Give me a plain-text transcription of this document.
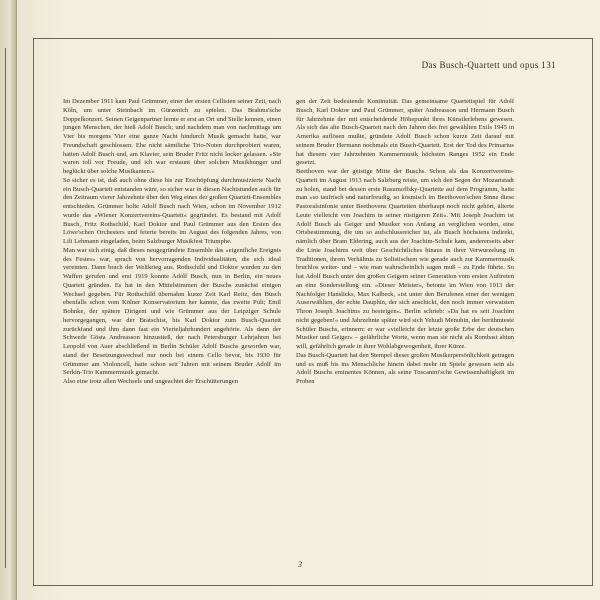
Das Busch-Quartett und opus 131

Im Dezember 1911 kam Paul Grümmer, einer der ersten Cellisten seiner Zeit, nach Köln, um unter Steinbach im Gürzenich zu spielen. Das Brahms'sche Doppelkonzert. Seinen Geigenpartner lernte er erst an Ort und Stelle kennen, einen jungen Menschen, der hieß Adolf Busch; und nachdem man von nachmittags um Vier bis morgens Vier eine ganze Nacht hindurch Musik gemacht hatte, war Freundschaft geschlossen. Ehe nicht sämtliche Trio-Noten durchprobiert waren, hatten Adolf Busch und, am Klavier, sein Bruder Fritz nicht locker gelassen. »Sie waren toll vor Freude, und ich war erstaunt über solchen Musikhunger und beglückt über solche Musikanten.«

So sicher es ist, daß auch ohne diese bis zur Erschöpfung durchmusizierte Nacht ein Busch-Quartett entstanden wäre, so sicher war in diesen Nachtstunden auch für den Zeitraum vierer Jahrzehnte über den Weg eines der großen Quartett-Ensembles entschieden. Grümmer holte Adolf Busch nach Wien, schon im November 1912 wurde das »Wiener Konzertvereins-Quartett« gegründet. Es bestand mit Adolf Busch, Fritz Rothschild, Karl Doktor und Paul Grümmer aus den Ersten des Löwe'schen Orchesters und feierte bereits im August des folgenden Jahres, von Lili Lehmann eingeladen, beim Salzburger Musikfest Triumphe.

Man war sich einig, daß dieses neugegründete Ensemble das »eigentliche Ereignis des Festes« war, sprach von hervorragenden Individualitäten, die sich ideal vereinten. Dann brach der Weltkrieg aus. Rothschild und Doktor wurden zu den Waffen gerufen und erst 1919 konnte Adolf Busch, nun in Berlin, ein neues Quartett gründen. Es hat in den Mittelstimmen der Buschs zunächst einigen Wechsel gegeben. Für Rothschild übernahm kurze Zeit Karl Reitz, den Busch ebenfalls schon vom Kölner Konservatorium her kannte, das zweite Pult; Emil Bohnke, der spätere Dirigent und wie Grümmer aus der Leipziger Schule hervorgegangen, war der Bratschist, bis Karl Doktor zum Busch-Quartett zurückfand und ihm dann fast ein Vierteljahrhundert angehörte. Als dann der Schwede Gösta Andreasson hinzustieß, der nach Petersburger Lehrjahren bei Leopold von Auer abschließend in Berlin Schüler Adolf Buschs geworden war, stand der Besetzungswechsel nur noch bei einem Cello bevor, bis 1930 für Grümmer am Violoncell, hatte schon seit Jahren mit seinem Bruder Adolf im Serkin-Trio Kammermusik gemacht.

Also eine trotz allen Wechsels und ungeachtet der Erschütterungen

gen der Zeit bedeutende Kontinuität. Das gemeinsame Quartettspiel für Adolf Busch, Karl Doktor und Paul Grümmer, später Andreasson und Hermann Busch für Jahrzehnte der mit entscheidende Höhepunkt ihres Künstlerlebens gewesen. Als sich das alte Busch-Quartett nach den Jahren des frei gewählten Exils 1945 in Amerika auflösen mußte, gründete Adolf Busch schon kurze Zeit darauf mit seinem Bruder Hermann nochmals ein Busch-Quartett. Erst der Tod des Primarius hat diesem vier Jahrzehnten Kammermusik höchsten Ranges 1952 ein Ende gesetzt.

Beethoven war der geistige Mitte der Buschs. Schon als das Konzertvereins-Quartett im August 1913 nach Salzburg reiste, um sich den Segen der Mozartstadt zu holen, stand bei dessen erste Rasumoffsky-Quartette auf dem Programm, hatte man »so taufrisch und naturfreudig, so kosmisch im Beethoven'schen Sinne diese Pastoralsinfonie unter Beethovens Quartetten überhaupt noch nicht gehört, älterte Leute vielleicht von Joachim in seiner rüstigeren Zeit«. Mit Joseph Joachim ist Adolf Busch als Geiger und Musiker von Anfang an verglichen worden, eine Ortsbestimmung, die um so aufschlussreicher ist, als Busch höchstens indirekt, nämlich über Bram Eldering, auch aus der Joachim-Schule kam, andererseits aber die Linie Joachims weit über Geschichtliches hinaus in ihrer Verwurzelung in Traditionen, ihrem Verhältnis zu Solistischem wie gerade auch zur Kammermusik bruchlos weiter- und – wie man wahrscheinlich sagen muß – zu Ende führte. So hat Adolf Busch unter den großen Geigern seiner Generation vom ersten Auftreten an eine Sonderstellung ein. »Dieser Meister«, betonte im Wien von 1913 der Nachfolger Hanslicks, Max Kalbeck, »ist unter den Berufenen einer der wenigen Auserwählten, der echte Dauphin, der sich anschickt, den noch immer verwaisten Thron Joseph Joachims zu besteigen«. Berlin schrieb: »Da hat es seit Joachim nicht gegeben!« und Jahrzehnte später wird sich Yehudi Menuhin, der berühmteste Schüler Buschs, erinnern: er war »vielleicht der letzte große Erbe der deutschen Musiker und Geiger« – gefährliche Worte, wenn man sie nicht als Rombast abtun will, gefährlich gerade in ihrer Wohlabgewogenheit, ihrer Kürze.

Das Busch-Quartett hat den Stempel dieser großen Musikerpersönlichkeit getragen und es muß bis ins Menschliche hinein dabei mehr im Spiele gewesen sein als Adolf Buschs eminentes Können, als seine Toscanini'sche Gewissenhaftigkeit im Proben

3
